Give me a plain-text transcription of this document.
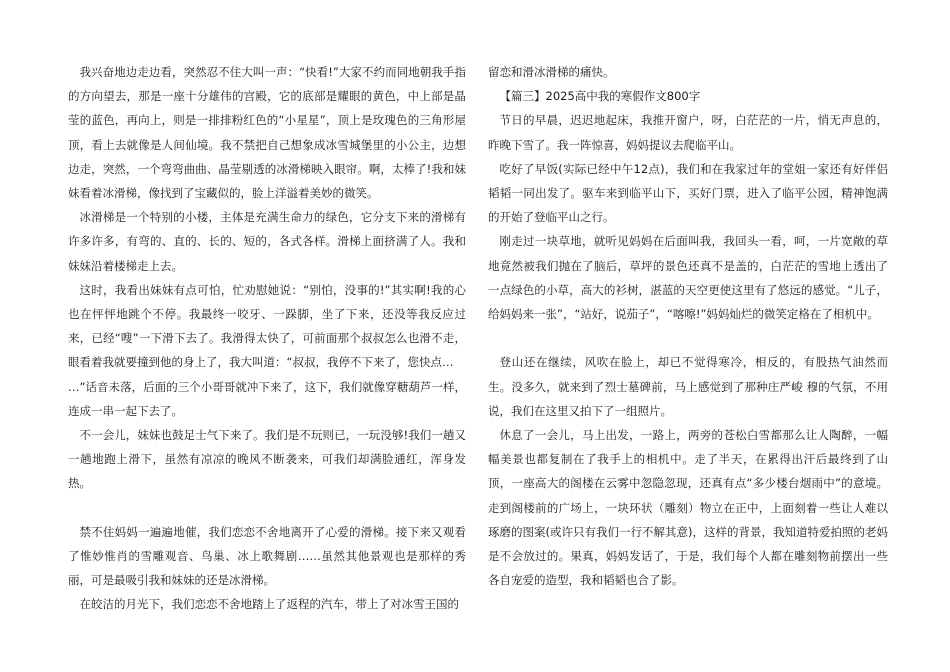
我兴奋地边走边看，突然忍不住大叫一声：“快看!”大家不约而同地朝我手指的方向望去，那是一座十分雄伟的宫殿，它的底部是耀眼的黄色，中上部是晶莹的蓝色，再向上，则是一排排粉红色的“小星星”，顶上是玫瑰色的三角形屋顶，看上去就像是人间仙境。我不禁把自己想象成冰雪城堡里的小公主，边想边走，突然，一个弯弯曲曲、晶莹剔透的冰滑梯映入眼帘。啊，太棒了!我和妹妹看着冰滑梯，像找到了宝藏似的，脸上洋溢着美妙的微笑。

冰滑梯是一个特别的小楼，主体是充满生命力的绿色，它分支下来的滑梯有许多许多，有弯的、直的、长的、短的，各式各样。滑梯上面挤满了人。我和妹妹沿着楼梯走上去。

这时，我看出妹妹有点可怕，忙劝慰她说：“别怕，没事的!”其实啊!我的心也在怦怦地跳个不停。我最终一咬牙、一跺脚，坐了下来，还没等我反应过来，已经“嗖”一下滑下去了。我滑得太快了，可前面那个叔叔怎么也滑不走，眼看着我就要撞到他的身上了，我大叫道：“叔叔，我停不下来了，您快点…

…”话音未落，后面的三个小哥哥就冲下来了，这下，我们就像穿糖葫芦一样，连成一串一起下去了。

不一会儿，妹妹也鼓足士气下来了。我们是不玩则已，一玩没够!我们一趟又一趟地跑上滑下，虽然有凉凉的晚风不断袭来，可我们却满脸通红，浑身发热。

禁不住妈妈一遍遍地催，我们恋恋不舍地离开了心爱的滑梯。接下来又观看了惟妙惟肖的雪雕观音、鸟巢、冰上歌舞剧……虽然其他景观也是那样的秀丽，可是最吸引我和妹妹的还是冰滑梯。

在皎洁的月光下，我们恋恋不舍地踏上了返程的汽车，带上了对冰雪王国的

留恋和滑冰滑梯的痛快。

【篇三】2025高中我的寒假作文800字

节日的早晨，迟迟地起床，我推开窗户，呀，白茫茫的一片，悄无声息的，昨晚下雪了。我一阵惊喜，妈妈提议去爬临平山。

吃好了早饭(实际已经中午12点)，我们和在我家过年的堂姐一家还有好伴侣韬韬一同出发了。驱车来到临平山下，买好门票，进入了临平公园，精神饱满的开始了登临平山之行。

刚走过一块草地，就听见妈妈在后面叫我，我回头一看，呵，一片宽敞的草地竟然被我们抛在了脑后，草坪的景色还真不是盖的，白茫茫的雪地上透出了一点绿色的小草，高大的衫树，湛蓝的天空更使这里有了悠远的感觉。“儿子，给妈妈来一张”，“站好，说茄子”，“喀嚓!”妈妈灿烂的微笑定格在了相机中。

登山还在继续，风吹在脸上，却已不觉得寒冷，相反的，有股热气油然而生。没多久，就来到了烈士墓碑前，马上感觉到了那种庄严峻 穆的气氛，不用说，我们在这里又拍下了一组照片。

休息了一会儿，马上出发，一路上，两旁的苍松白雪都那么让人陶醉，一幅幅美景也都复制在了我手上的相机中。走了半天，在累得出汗后最终到了山顶，一座高大的阁楼在云雾中忽隐忽现，还真有点“多少楼台烟雨中”的意境。走到阁楼前的广场上，一块环状（雕刻）物立在正中，上面刻着一些让人难以琢磨的图案(或许只有我们一行不解其意)，这样的背景，我知道特爱拍照的老妈是不会放过的。果真，妈妈发话了，于是，我们每个人都在雕刻物前摆出一些各自宠爱的造型，我和韬韬也合了影。
